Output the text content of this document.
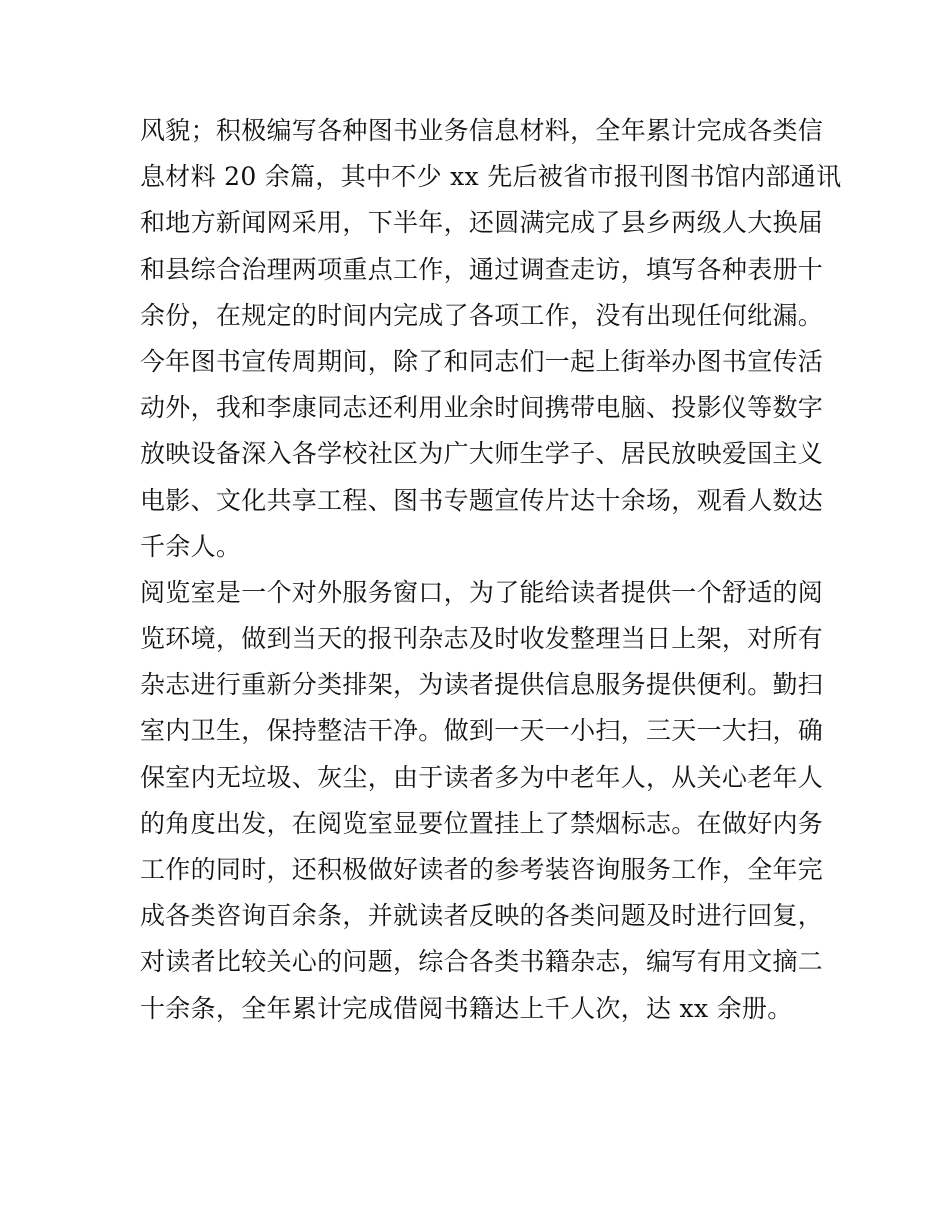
风貌；积极编写各种图书业务信息材料，全年累计完成各类信
息材料 20 余篇，其中不少 xx 先后被省市报刊图书馆内部通讯
和地方新闻网采用，下半年，还圆满完成了县乡两级人大换届
和县综合治理两项重点工作，通过调查走访，填写各种表册十
余份，在规定的时间内完成了各项工作，没有出现任何纰漏。
今年图书宣传周期间，除了和同志们一起上街举办图书宣传活
动外，我和李康同志还利用业余时间携带电脑、投影仪等数字
放映设备深入各学校社区为广大师生学子、居民放映爱国主义
电影、文化共享工程、图书专题宣传片达十余场，观看人数达
千余人。
阅览室是一个对外服务窗口，为了能给读者提供一个舒适的阅
览环境，做到当天的报刊杂志及时收发整理当日上架，对所有
杂志进行重新分类排架，为读者提供信息服务提供便利。勤扫
室内卫生，保持整洁干净。做到一天一小扫，三天一大扫，确
保室内无垃圾、灰尘，由于读者多为中老年人，从关心老年人
的角度出发，在阅览室显要位置挂上了禁烟标志。在做好内务
工作的同时，还积极做好读者的参考装咨询服务工作，全年完
成各类咨询百余条，并就读者反映的各类问题及时进行回复，
对读者比较关心的问题，综合各类书籍杂志，编写有用文摘二
十余条，全年累计完成借阅书籍达上千人次，达 xx 余册。
